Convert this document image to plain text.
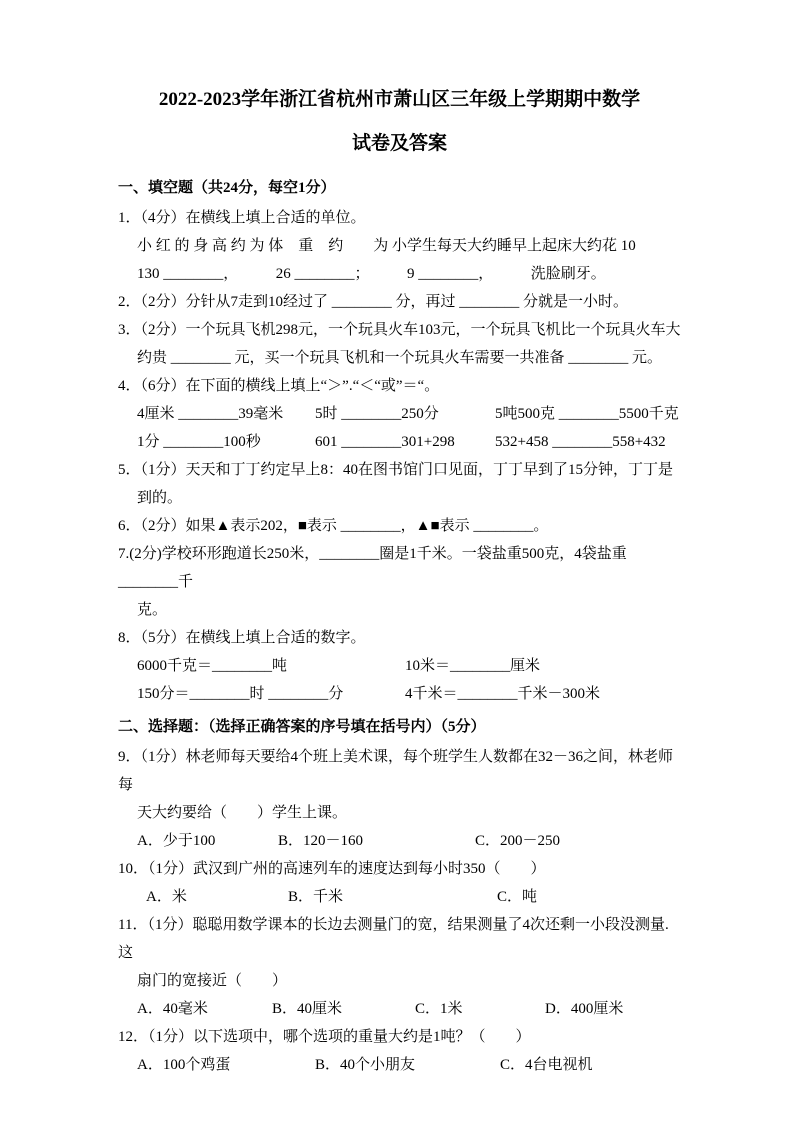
2022-2023学年浙江省杭州市萧山区三年级上学期期中数学
试卷及答案
一、填空题（共24分，每空1分）
1．（4分）在横线上填上合适的单位。
小 红 的 身 高 约 为 体　重　约　　为 小学生每天大约睡早上起床大约花 10
130 ________，　　　26 ________；　　　9 ________，　　　洗脸刷牙。
2．（2分）分针从7走到10经过了 ________ 分，再过 ________ 分就是一小时。
3．（2分）一个玩具飞机298元，一个玩具火车103元，一个玩具飞机比一个玩具火车大
约贵 ________ 元，买一个玩具飞机和一个玩具火车需要一共准备 ________ 元。
4．（6分）在下面的横线上填上“＞”.“＜“或”＝“。
4厘米 ________39毫米	5时 ________250分	5吨500克 ________5500千克
1分 ________100秒	601 ________301+298	532+458 ________558+432
5．（1分）天天和丁丁约定早上8：40在图书馆门口见面，丁丁早到了15分钟，丁丁是
到的。
6．（2分）如果▲表示202，■表示 ________，▲■表示 ________。
7.(2分)学校环形跑道长250米，________圈是1千米。一袋盐重500克，4袋盐重 ________千
克。
8．（5分）在横线上填上合适的数字。
6000千克＝________吨	10米＝________厘米
150分＝________时 ________分	4千米＝________千米－300米
二、选择题：（选择正确答案的序号填在括号内）（5分）
9．（1分）林老师每天要给4个班上美术课，每个班学生人数都在32－36之间，林老师每
天大约要给（　　）学生上课。
A．少于100	B．120－160	C．200－250
10．（1分）武汉到广州的高速列车的速度达到每小时350（　　）
A．米	B．千米	C．吨
11．（1分）聪聪用数学课本的长边去测量门的宽，结果测量了4次还剩一小段没测量. 这
扇门的宽接近（　　）
A．40毫米	B．40厘米	C．1米	D．400厘米
12．（1分）以下选项中，哪个选项的重量大约是1吨？（　　）
A．100个鸡蛋	B．40个小朋友	C．4台电视机
